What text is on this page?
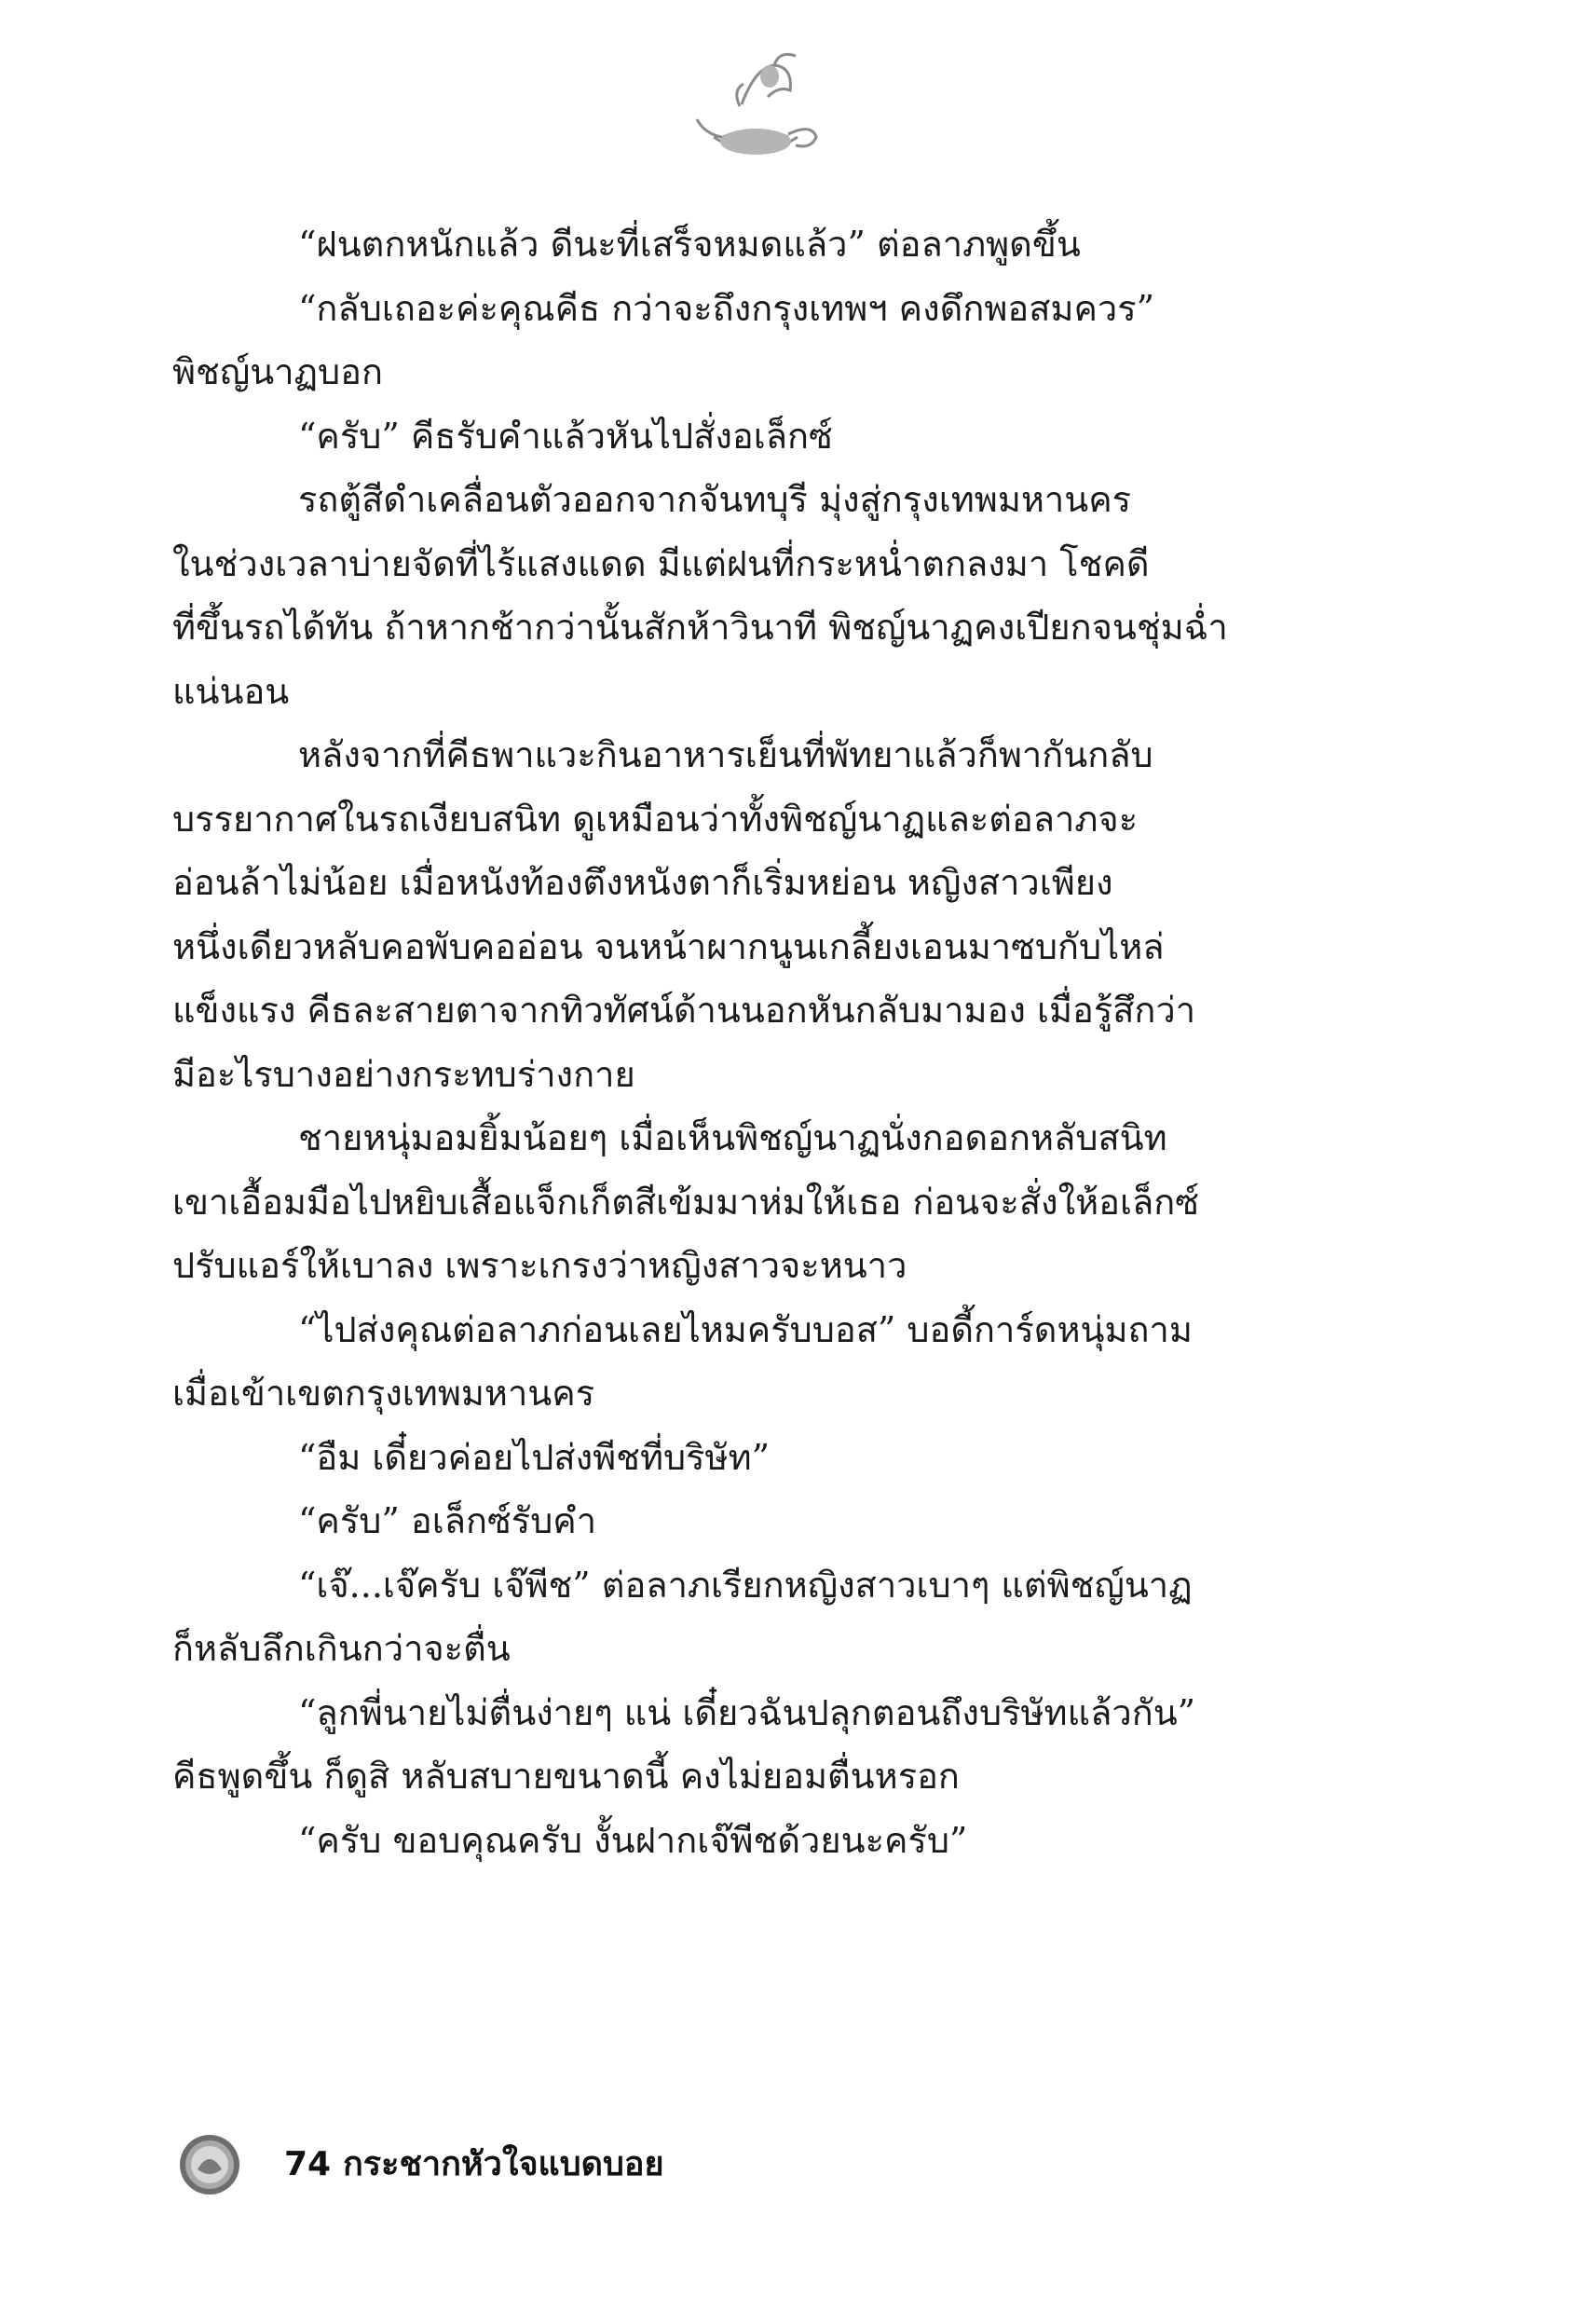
“ฝนตกหนักแล้ว ดีนะที่เสร็จหมดแล้ว” ต่อลาภพูดขึ้น
“กลับเถอะค่ะคุณคีธ กว่าจะถึงกรุงเทพฯ คงดึกพอสมควร”
พิชญ์นาฏบอก
“ครับ” คีธรับคำแล้วหันไปสั่งอเล็กซ์
รถตู้สีดำเคลื่อนตัวออกจากจันทบุรี มุ่งสู่กรุงเทพมหานคร
ในช่วงเวลาบ่ายจัดที่ไร้แสงแดด มีแต่ฝนที่กระหน่ำตกลงมา โชคดี
ที่ขึ้นรถได้ทัน ถ้าหากช้ากว่านั้นสักห้าวินาที พิชญ์นาฏคงเปียกจนชุ่มฉ่ำ
แน่นอน
หลังจากที่คีธพาแวะกินอาหารเย็นที่พัทยาแล้วก็พากันกลับ
บรรยากาศในรถเงียบสนิท ดูเหมือนว่าทั้งพิชญ์นาฏและต่อลาภจะ
อ่อนล้าไม่น้อย เมื่อหนังท้องตึงหนังตาก็เริ่มหย่อน หญิงสาวเพียง
หนึ่งเดียวหลับคอพับคออ่อน จนหน้าผากนูนเกลี้ยงเอนมาซบกับไหล่
แข็งแรง คีธละสายตาจากทิวทัศน์ด้านนอกหันกลับมามอง เมื่อรู้สึกว่า
มีอะไรบางอย่างกระทบร่างกาย
ชายหนุ่มอมยิ้มน้อยๆ เมื่อเห็นพิชญ์นาฏนั่งกอดอกหลับสนิท
เขาเอื้อมมือไปหยิบเสื้อแจ็กเก็ตสีเข้มมาห่มให้เธอ ก่อนจะสั่งให้อเล็กซ์
ปรับแอร์ให้เบาลง เพราะเกรงว่าหญิงสาวจะหนาว
“ไปส่งคุณต่อลาภก่อนเลยไหมครับบอส” บอดี้การ์ดหนุ่มถาม
เมื่อเข้าเขตกรุงเทพมหานคร
“อืม เดี๋ยวค่อยไปส่งพีชที่บริษัท”
“ครับ” อเล็กซ์รับคำ
“เจ๊...เจ๊ครับ เจ๊พีช” ต่อลาภเรียกหญิงสาวเบาๆ แต่พิชญ์นาฏ
ก็หลับลึกเกินกว่าจะตื่น
“ลูกพี่นายไม่ตื่นง่ายๆ แน่ เดี๋ยวฉันปลุกตอนถึงบริษัทแล้วกัน”
คีธพูดขึ้น ก็ดูสิ หลับสบายขนาดนี้ คงไม่ยอมตื่นหรอก
“ครับ ขอบคุณครับ งั้นฝากเจ๊พีชด้วยนะครับ”
74 กระชากหัวใจแบดบอย
